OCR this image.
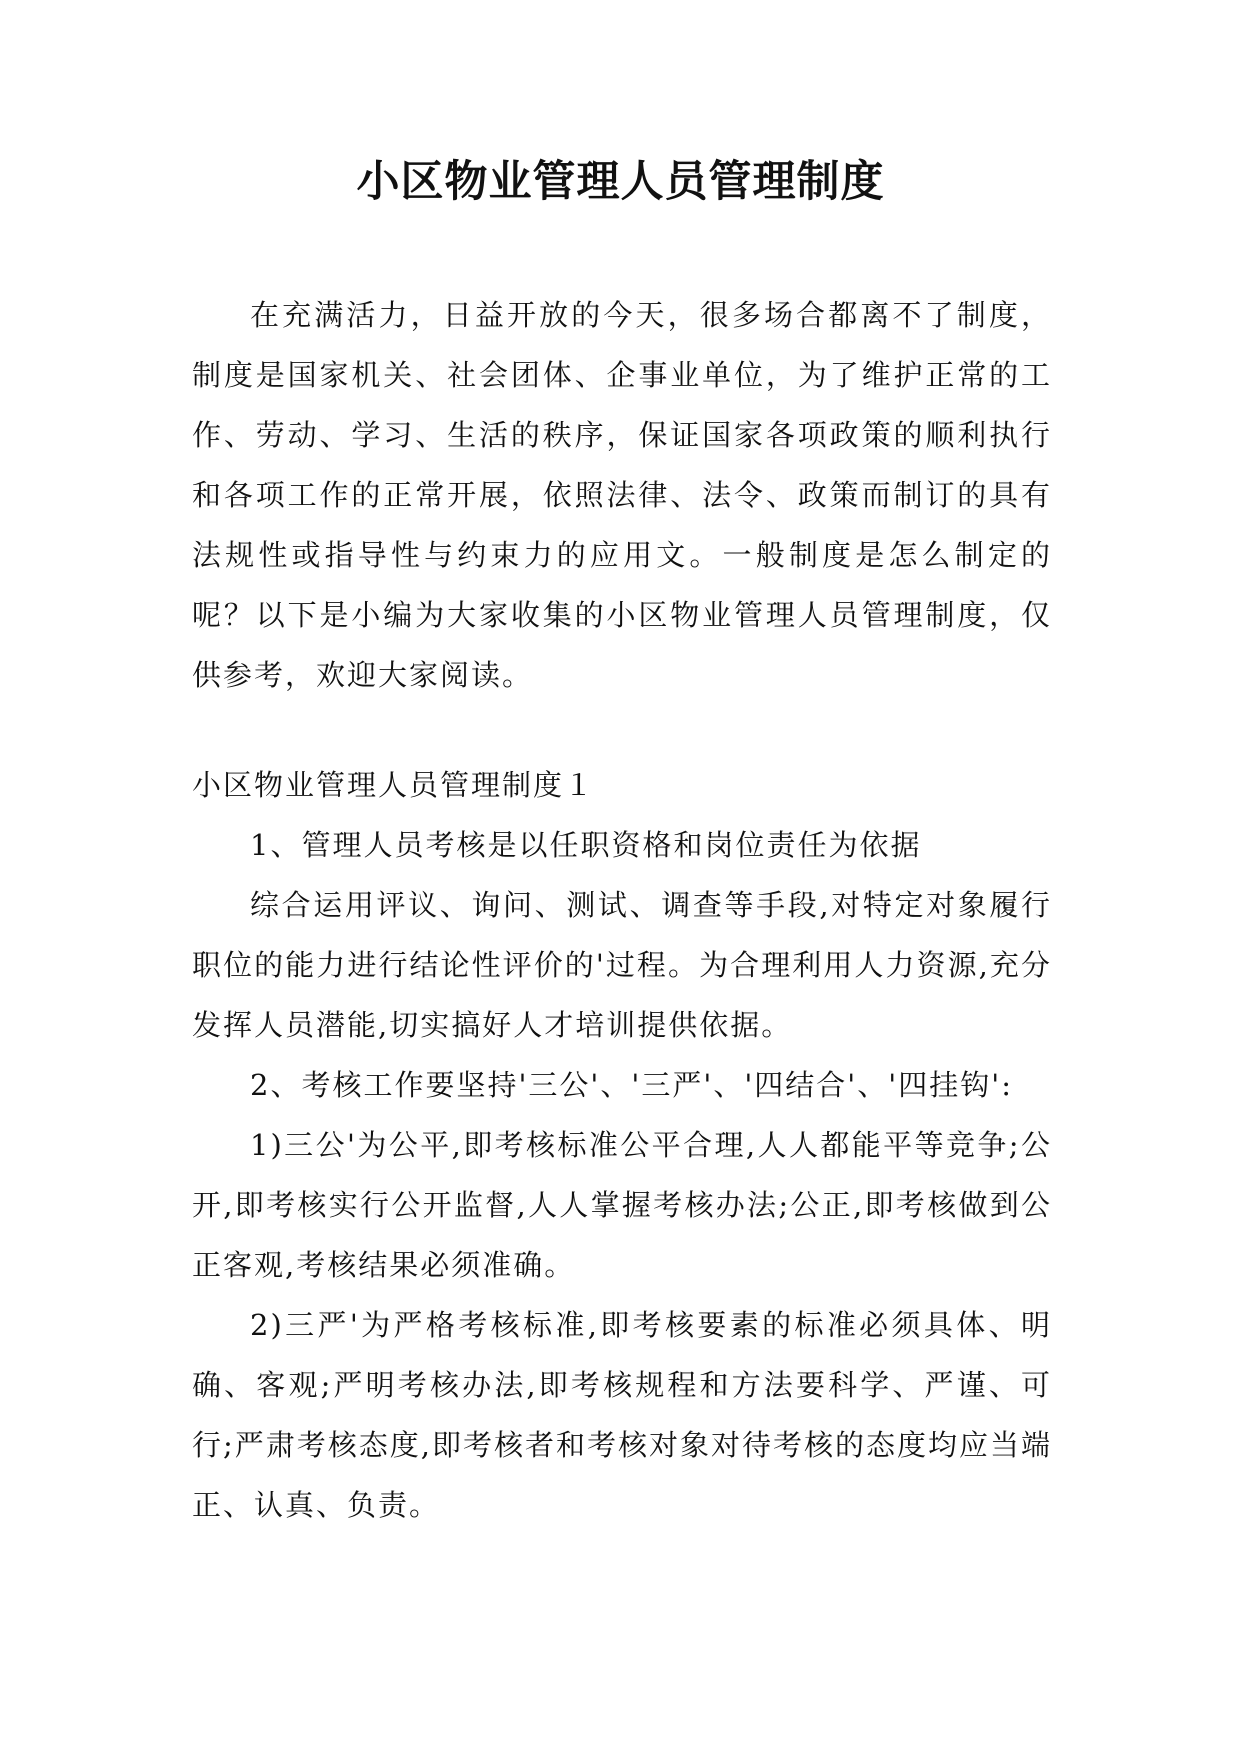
小区物业管理人员管理制度

在充满活力，日益开放的今天，很多场合都离不了制度，制度是国家机关、社会团体、企事业单位，为了维护正常的工作、劳动、学习、生活的秩序，保证国家各项政策的顺利执行和各项工作的正常开展，依照法律、法令、政策而制订的具有法规性或指导性与约束力的应用文。一般制度是怎么制定的呢？以下是小编为大家收集的小区物业管理人员管理制度，仅供参考，欢迎大家阅读。

小区物业管理人员管理制度１

1、管理人员考核是以任职资格和岗位责任为依据

综合运用评议、询问、测试、调查等手段,对特定对象履行职位的能力进行结论性评价的'过程。为合理利用人力资源,充分发挥人员潜能,切实搞好人才培训提供依据。

2、考核工作要坚持'三公'、'三严'、'四结合'、'四挂钩':

1)三公'为公平,即考核标准公平合理,人人都能平等竞争;公开,即考核实行公开监督,人人掌握考核办法;公正,即考核做到公正客观,考核结果必须准确。

2)三严'为严格考核标准,即考核要素的标准必须具体、明确、客观;严明考核办法,即考核规程和方法要科学、严谨、可行;严肃考核态度,即考核者和考核对象对待考核的态度均应当端正、认真、负责。
